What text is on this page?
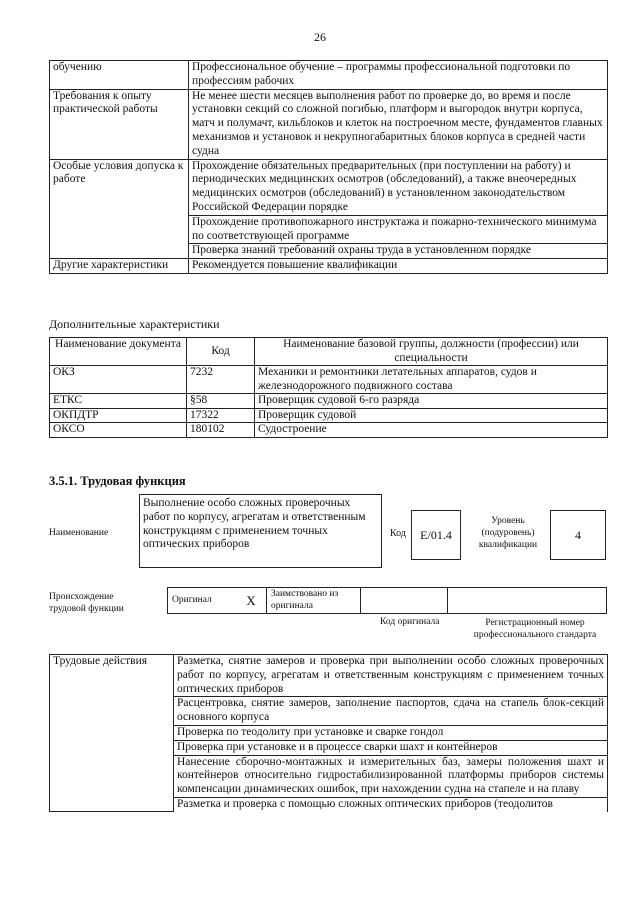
26
обучению	Профессиональное обучение – программы профессиональной подготовки по профессиям рабочих
Требования к опыту практической работы	Не менее шести месяцев выполнения работ по проверке до, во время и после установки секций со сложной погибью, платформ и выгородок внутри корпуса, матч и полумачт, кильблоков и клеток на построечном месте, фундаментов главных механизмов и установок и некрупногабаритных блоков корпуса в средней части судна
Особые условия допуска к работе	Прохождение обязательных предварительных (при поступлении на работу) и периодических медицинских осмотров (обследований), а также внеочередных медицинских осмотров (обследований) в установленном законодательством Российской Федерации порядке
	Прохождение противопожарного инструктажа и пожарно-технического минимума по соответствующей программе
	Проверка знаний требований охраны труда в установленном порядке
Другие характеристики	Рекомендуется повышение квалификации
Дополнительные характеристики
Наименование документа	Код	Наименование базовой группы, должности (профессии) или специальности
ОКЗ	7232	Механики и ремонтники летательных аппаратов, судов и железнодорожного подвижного состава
ЕТКС	§58	Проверщик судовой 6-го разряда
ОКПДТР	17322	Проверщик судовой
ОКСО	180102	Судостроение
3.5.1. Трудовая функция
Наименование
Выполнение особо сложных проверочных работ по корпусу, агрегатам и ответственным конструкциям с применением точных оптических приборов
Код	E/01.4
Уровень (подуровень) квалификации
4
Происхождение трудовой функции
Оригинал	X	Заимствовано из оригинала		
Код оригинала	Регистрационный номер профессионального стандарта
Трудовые действия	Разметка, снятие замеров и проверка при выполнении особо сложных проверочных работ по корпусу, агрегатам и ответственным конструкциям с применением точных оптических приборов
Расцентровка, снятие замеров, заполнение паспортов, сдача на стапель блок-секций основного корпуса
Проверка по теодолиту при установке и сварке гондол
Проверка при установке и в процессе сварки шахт и контейнеров
Нанесение сборочно-монтажных и измерительных баз, замеры положения шахт и контейнеров относительно гидростабилизированной платформы приборов системы компенсации динамических ошибок, при нахождении судна на стапеле и на плаву
Разметка и проверка с помощью сложных оптических приборов (теодолитов
